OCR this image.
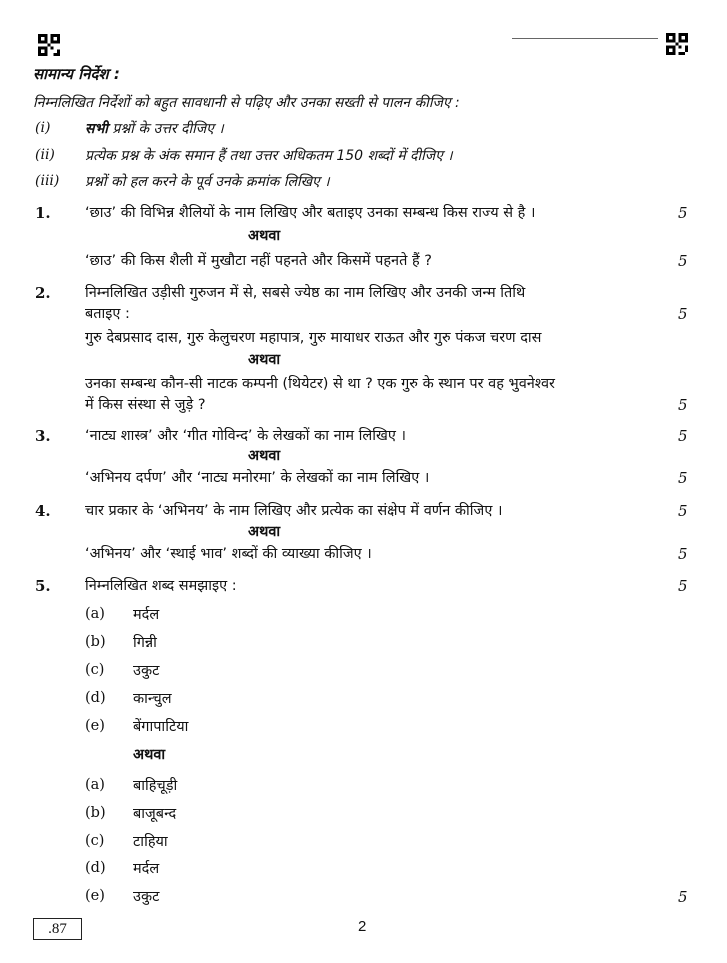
सामान्य निर्देश :
निम्नलिखित निर्देशों को बहुत सावधानी से पढ़िए और उनका सख्ती से पालन कीजिए :
(i) सभी प्रश्नों के उत्तर दीजिए ।
(ii) प्रत्येक प्रश्न के अंक समान हैं तथा उत्तर अधिकतम 150 शब्दों में दीजिए ।
(iii) प्रश्नों को हल करने के पूर्व उनके क्रमांक लिखिए ।
1. ‘छाउ’ की विभिन्न शैलियों के नाम लिखिए और बताइए उनका सम्बन्ध किस राज्य से है ।	5
अथवा
‘छाउ’ की किस शैली में मुखौटा नहीं पहनते और किसमें पहनते हैं ?	5
2. निम्नलिखित उड़ीसी गुरुजन में से, सबसे ज्येष्ठ का नाम लिखिए और उनकी जन्म तिथि
बताइए :	5
गुरु देबप्रसाद दास, गुरु केलुचरण महापात्र, गुरु मायाधर राऊत और गुरु पंकज चरण दास
अथवा
उनका सम्बन्ध कौन-सी नाटक कम्पनी (थियेटर) से था ? एक गुरु के स्थान पर वह भुवनेश्वर
में किस संस्था से जुड़े ?	5
3. ‘नाट्य शास्त्र’ और ‘गीत गोविन्द’ के लेखकों का नाम लिखिए ।	5
अथवा
‘अभिनय दर्पण’ और ‘नाट्य मनोरमा’ के लेखकों का नाम लिखिए ।	5
4. चार प्रकार के ‘अभिनय’ के नाम लिखिए और प्रत्येक का संक्षेप में वर्णन कीजिए ।	5
अथवा
‘अभिनय’ और ‘स्थाई भाव’ शब्दों की व्याख्या कीजिए ।	5
5. निम्नलिखित शब्द समझाइए :	5
(a) मर्दल
(b) गिन्नी
(c) उकुट
(d) कान्चुल
(e) बेंगापाटिया
अथवा
(a) बाहिचूड़ी
(b) बाजूबन्द
(c) टाहिया
(d) मर्दल
(e) उकुट	5
.87	2
